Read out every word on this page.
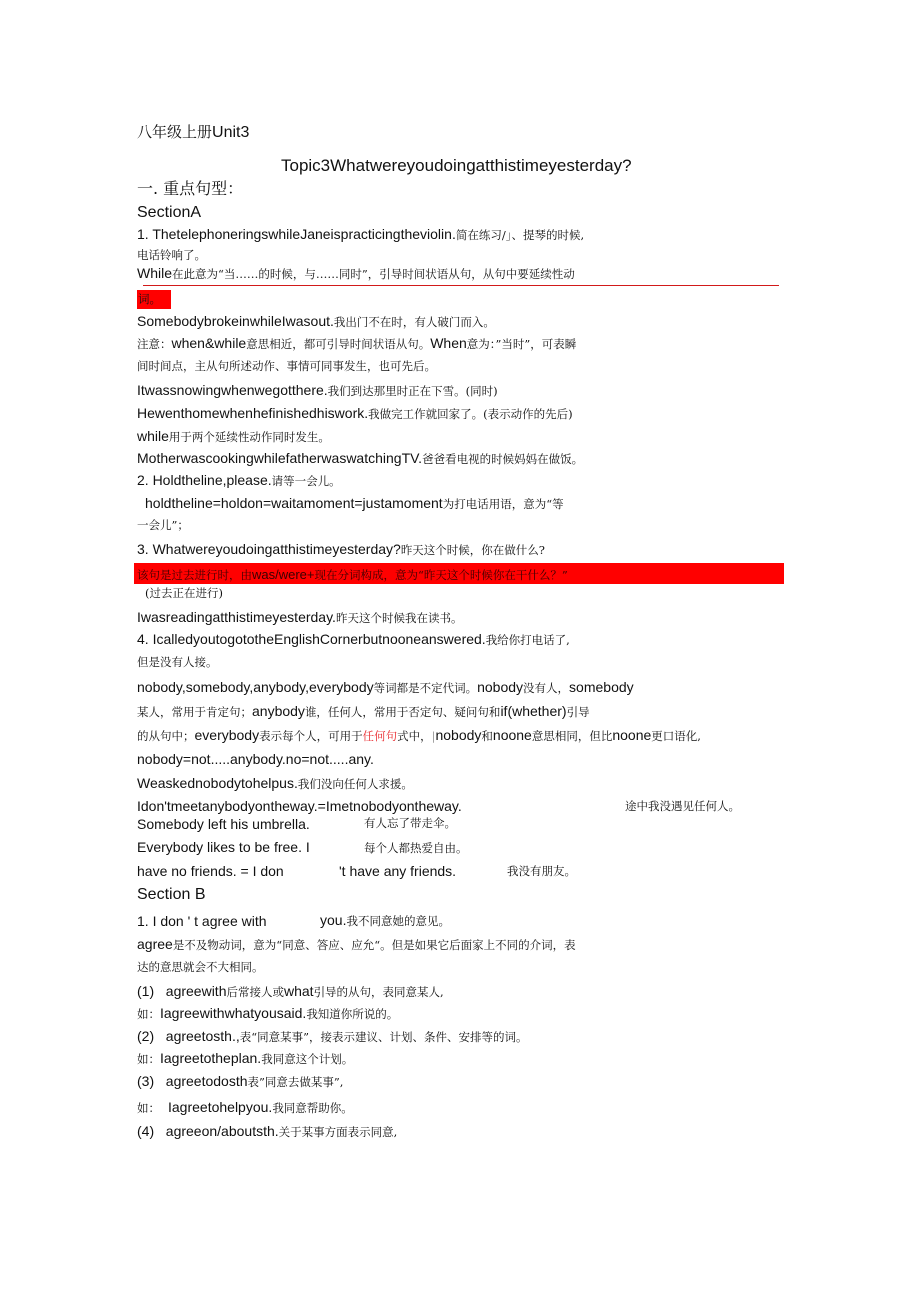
八年级上册Unit3
Topic3Whatwereyoudoingatthistimeyesterday?
一. 重点句型：
SectionA
1. ThetelephoneringswhileJaneispracticingtheviolin.简在练习/」、提琴的时候,
电话铃响了。
While在此意为“当……的时候，与……同时”，引导时间状语从句，从句中要延续性动
词。
SomebodybrokeinwhileIwasout.我出门不在时，有人破门而入。
注意：when&while意思相近，都可引导时间状语从句。When意为：”当时”，可表瞬
间时间点，主从句所述动作、事情可同事发生，也可先后。
Itwassnowingwhenwegotthere.我们到达那里时正在下雪。(同时)
Hewenthomewhenhefinishedhiswork.我做完工作就回家了。(表示动作的先后)
while用于两个延续性动作同时发生。
MotherwascookingwhilefatherwaswatchingTV.爸爸看电视的时候妈妈在做饭。
2. Holdtheline,please.请等一会儿。
holdtheline=holdon=waitamoment=justamoment为打电话用语，意为“等
一会儿”；
3. Whatwereyoudoingatthistimeyesterday?昨天这个时候，你在做什么?
该句是过去进行时，由was/were+现在分词构成，意为“昨天这个时候你在干什么？”
(过去正在进行)
Iwasreadingatthistimeyesterday.昨天这个时候我在读书。
4. IcalledyoutogototheEnglishCornerbutnooneanswered.我给你打电话了,
但是没有人接。
nobody,somebody,anybody,everybody等词都是不定代词。nobody没有人，somebody
某人，常用于肯定句；anybody谁，任何人，常用于否定句、疑问句和if(whether)引导
的从句中；everybody表示每个人，可用于任何句式中，|nobody和noone意思相同，但比noone更口语化,
nobody=not.....anybody.no=not.....any.
Weaskednobodytohelpus.我们没向任何人求援。
Idon'tmeetanybodyontheway.=Imetnobodyontheway.	途中我没遇见任何人。
Somebody left his umbrella.	有人忘了带走伞。
Everybody likes to be free. I	每个人都热爱自由。
have no friends. = I don	't have any friends.	我没有朋友。
Section B
1. I don ' t agree with	you.我不同意她的意见。
agree是不及物动词，意为“同意、答应、应允“。但是如果它后面家上不同的介词，表
达的意思就会不大相同。
(1)   agreewith后常接人或what引导的从句，表同意某人,
如：Iagreewithwhatyousaid.我知道你所说的。
(2)   agreetosth.,表“同意某事”，接表示建议、计划、条件、安排等的词。
如：Iagreetotheplan.我同意这个计划。
(3)   agreetodosth表”同意去做某事”,
如： Iagreetohelpyou.我同意帮助你。
(4)   agreeon/aboutsth.关于某事方面表示同意,
